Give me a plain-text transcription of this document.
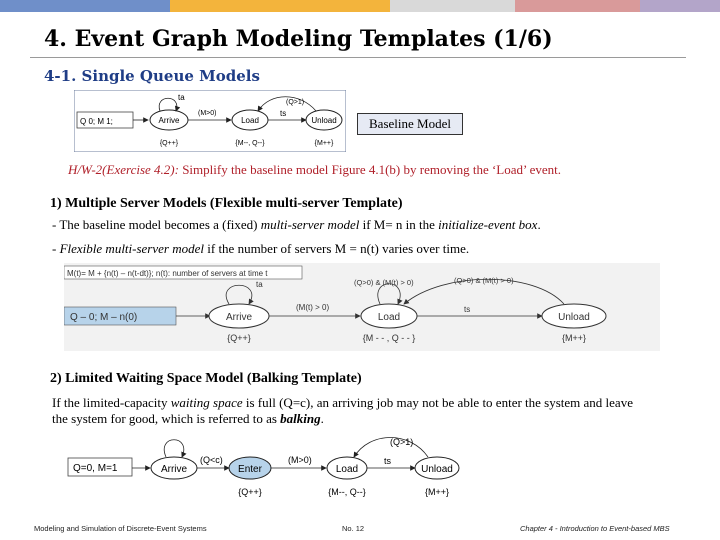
4. Event Graph Modeling Templates (1/6)
4-1. Single Queue Models
Q 0; M 1;	Arrive
ta
(M>0)
Load
ts
Unload
(Q>1)
{Q++}	{M--, Q--}	{M++}
Baseline Model
H/W-2(Exercise 4.2): Simplify the baseline model Figure 4.1(b) by removing the ‘Load’ event.
1) Multiple Server Models (Flexible multi-server Template)
- The baseline model becomes a (fixed) multi-server model if M= n in the initialize-event box.
- Flexible multi-server model if the number of servers M = n(t) varies over time.
M(t)= M + {n(t) – n(t-dt)}; n(t): number of servers at time t
Q – 0; M – n(0)	Arrive
ta
(M(t) > 0)
Load
(Q>0) & (M(t) > 0)
ts
Unload
(Q>0) & (M(t) > 0)
{Q++}	{M - - , Q - - }	{M++}
2) Limited Waiting Space Model (Balking Template)
If the limited-capacity waiting space is full (Q=c), an arriving job may not be able to enter the system and leave
the system for good, which is referred to as balking.
Q=0, M=1	Arrive
(Q<c)
Enter
(M>0)
Load
ts
Unload
(Q>1)
{Q++}	{M--, Q--}	{M++}
Modeling and Simulation of Discrete-Event Systems	No. 12	Chapter 4 - Introduction to Event-based MBS
